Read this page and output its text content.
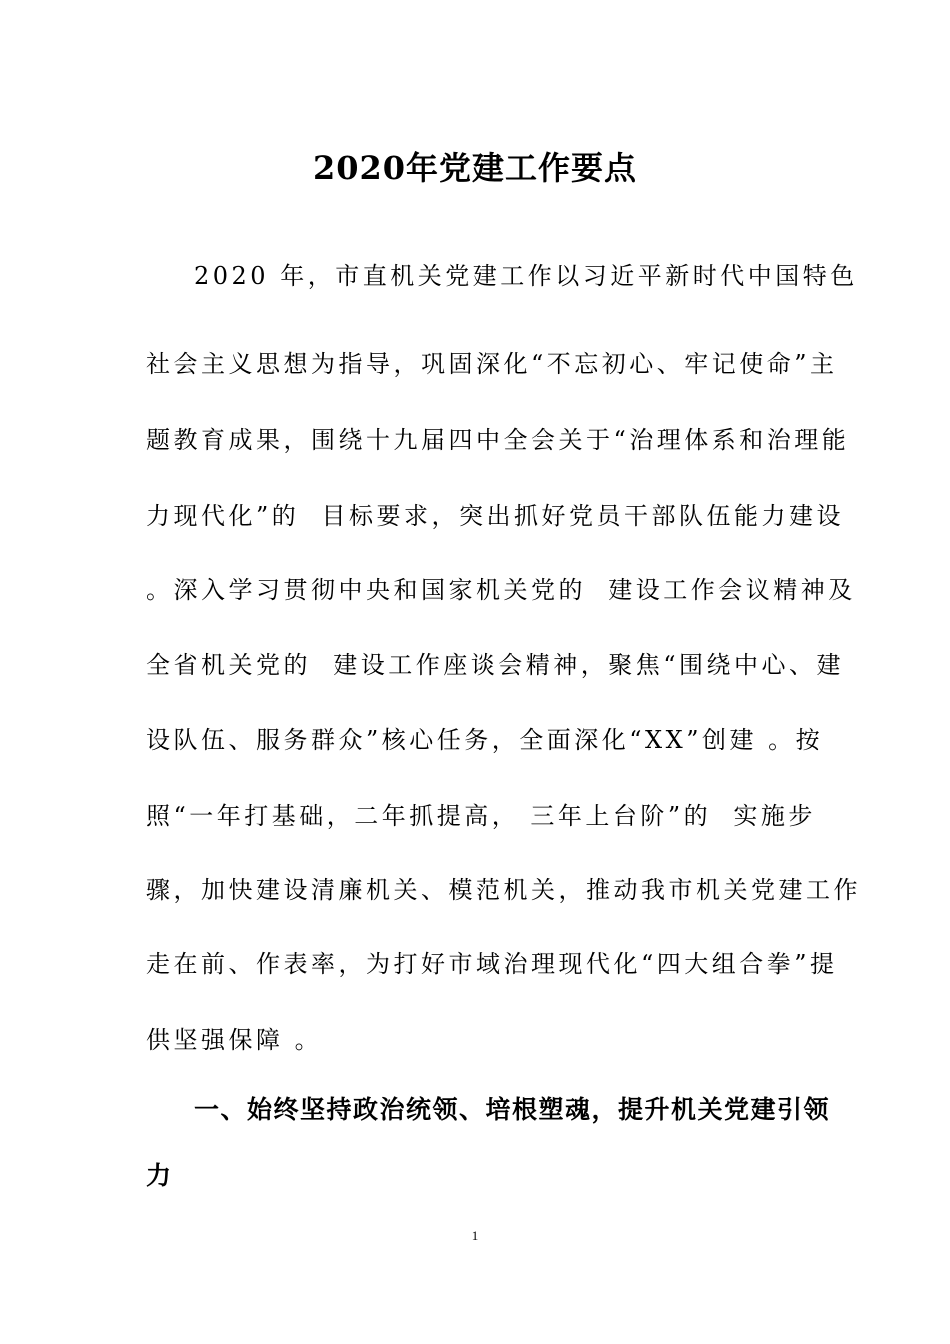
2020年党建工作要点
2020 年，市直机关党建工作以习近平新时代中国特色
社会主义思想为指导，巩固深化“不忘初心、牢记使命”主
题教育成果，围绕十九届四中全会关于“治理体系和治理能
力现代化”的  目标要求，突出抓好党员干部队伍能力建设
。深入学习贯彻中央和国家机关党的  建设工作会议精神及
全省机关党的  建设工作座谈会精神，聚焦“围绕中心、建
设队伍、服务群众”核心任务，全面深化“XX”创建 。按
照“一年打基础，二年抓提高， 三年上台阶”的  实施步
骤，加快建设清廉机关、模范机关，推动我市机关党建工作
走在前、作表率，为打好市域治理现代化“四大组合拳”提
供坚强保障 。
一、始终坚持政治统领、培根塑魂，提升机关党建引领
力
1
